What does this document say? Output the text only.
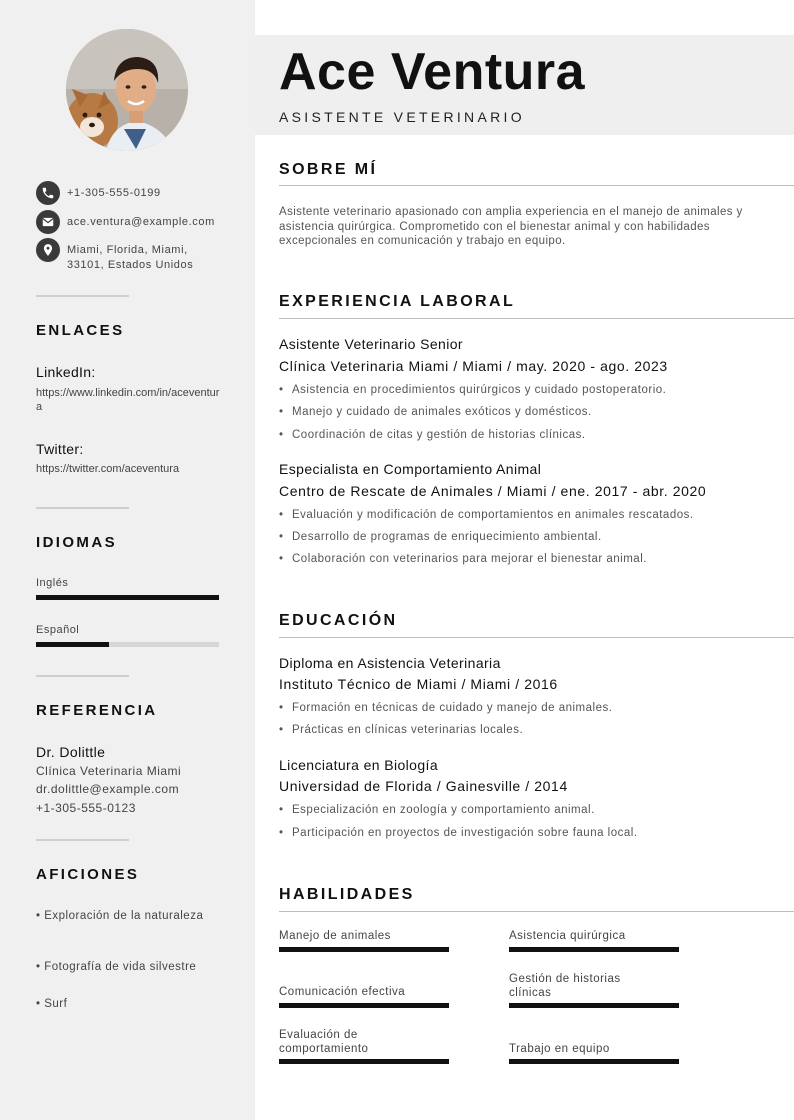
+1-305-555-0199
ace.ventura@example.com
Miami, Florida, Miami,
33101, Estados Unidos
ENLACES
LinkedIn:
https://www.linkedin.com/in/aceventura
Twitter:
https://twitter.com/aceventura
IDIOMAS
Inglés
Español
REFERENCIA
Dr. Dolittle
Clínica Veterinaria Miami
dr.dolittle@example.com
+1-305-555-0123
AFICIONES
• Exploración de la naturaleza
• Fotografía de vida silvestre
• Surf
Ace Ventura
ASISTENTE VETERINARIO
SOBRE MÍ
Asistente veterinario apasionado con amplia experiencia en el manejo de animales y asistencia quirúrgica. Comprometido con el bienestar animal y con habilidades excepcionales en comunicación y trabajo en equipo.
EXPERIENCIA LABORAL
Asistente Veterinario Senior
Clínica Veterinaria Miami / Miami / may. 2020 - ago. 2023
• Asistencia en procedimientos quirúrgicos y cuidado postoperatorio.
• Manejo y cuidado de animales exóticos y domésticos.
• Coordinación de citas y gestión de historias clínicas.
Especialista en Comportamiento Animal
Centro de Rescate de Animales / Miami / ene. 2017 - abr. 2020
• Evaluación y modificación de comportamientos en animales rescatados.
• Desarrollo de programas de enriquecimiento ambiental.
• Colaboración con veterinarios para mejorar el bienestar animal.
EDUCACIÓN
Diploma en Asistencia Veterinaria
Instituto Técnico de Miami / Miami / 2016
• Formación en técnicas de cuidado y manejo de animales.
• Prácticas en clínicas veterinarias locales.
Licenciatura en Biología
Universidad de Florida / Gainesville / 2014
• Especialización en zoología y comportamiento animal.
• Participación en proyectos de investigación sobre fauna local.
HABILIDADES
Manejo de animales	Asistencia quirúrgica
Comunicación efectiva
Gestión de historias clínicas
Evaluación de comportamiento	Trabajo en equipo
